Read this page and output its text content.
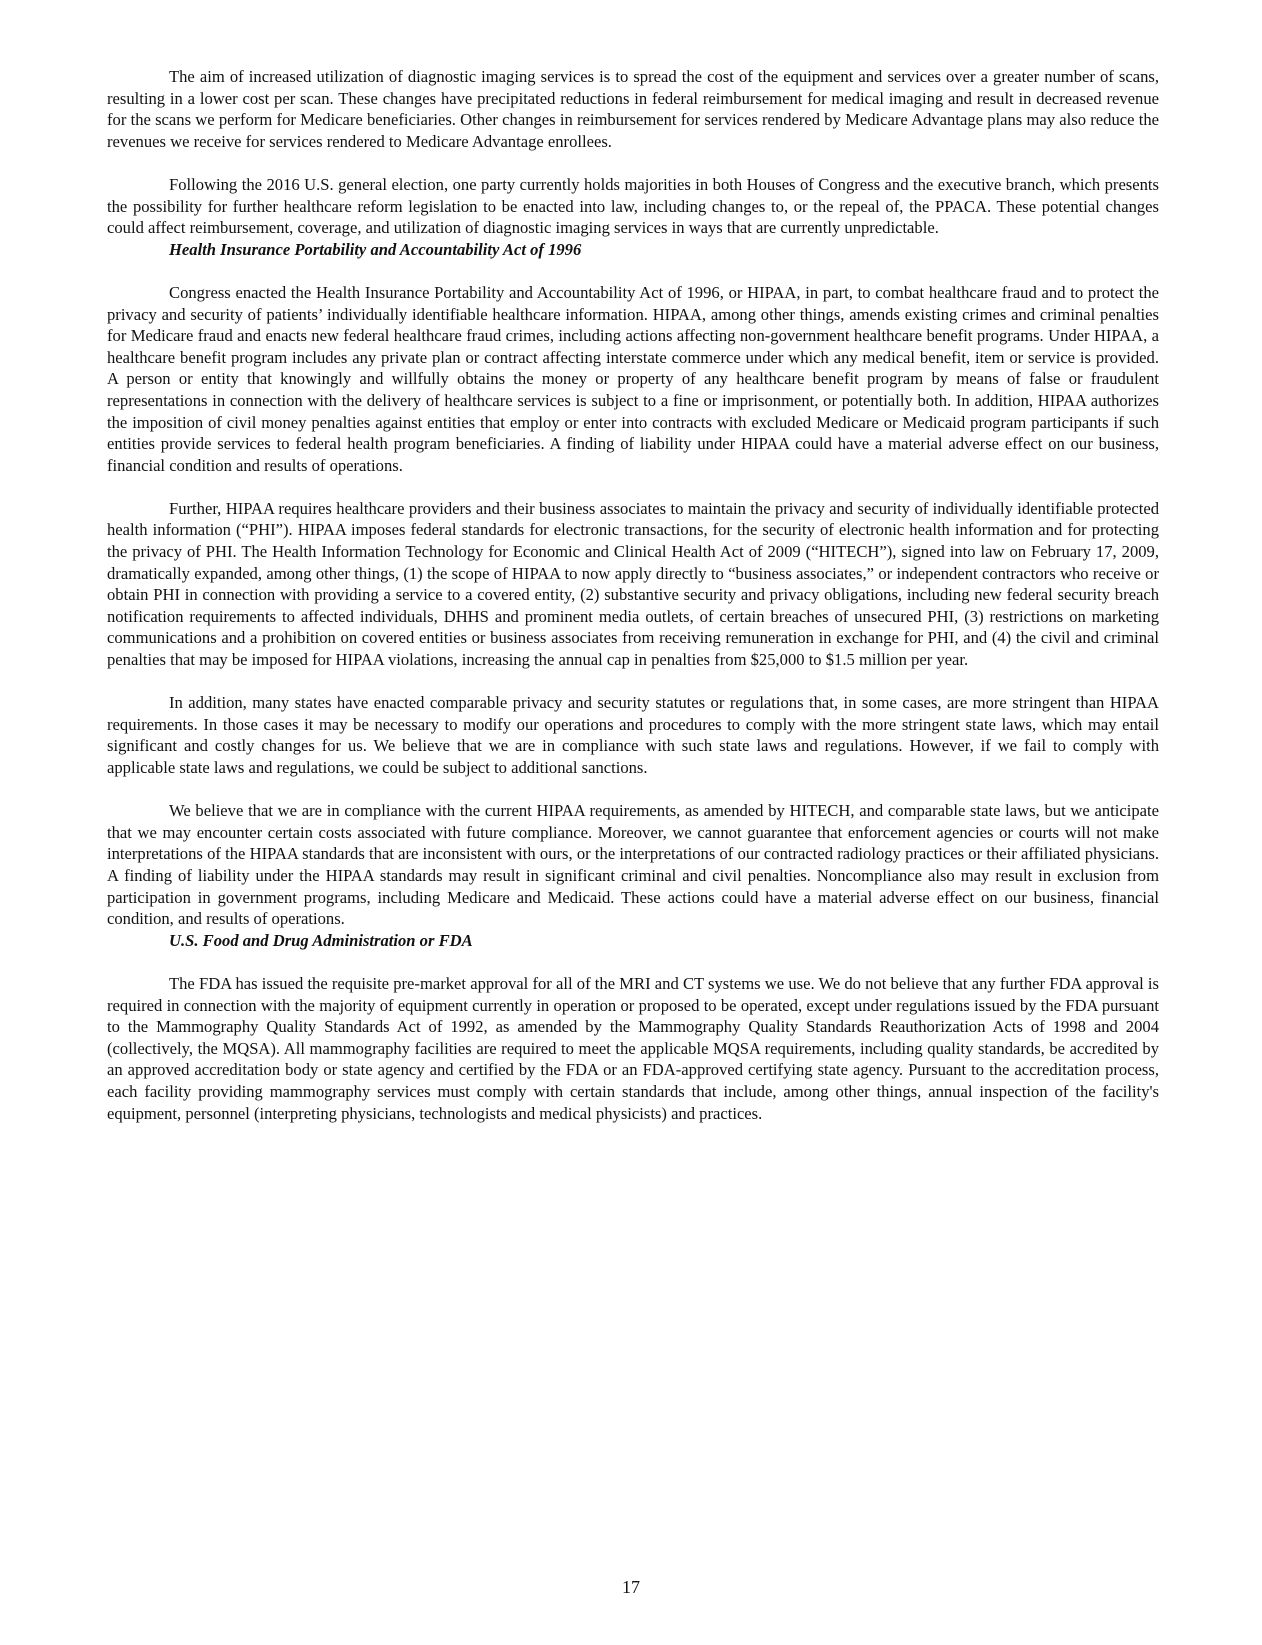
The aim of increased utilization of diagnostic imaging services is to spread the cost of the equipment and services over a greater number of scans, resulting in a lower cost per scan. These changes have precipitated reductions in federal reimbursement for medical imaging and result in decreased revenue for the scans we perform for Medicare beneficiaries. Other changes in reimbursement for services rendered by Medicare Advantage plans may also reduce the revenues we receive for services rendered to Medicare Advantage enrollees.

Following the 2016 U.S. general election, one party currently holds majorities in both Houses of Congress and the executive branch, which presents the possibility for further healthcare reform legislation to be enacted into law, including changes to, or the repeal of, the PPACA. These potential changes could affect reimbursement, coverage, and utilization of diagnostic imaging services in ways that are currently unpredictable.

Health Insurance Portability and Accountability Act of 1996

Congress enacted the Health Insurance Portability and Accountability Act of 1996, or HIPAA, in part, to combat healthcare fraud and to protect the privacy and security of patients’ individually identifiable healthcare information. HIPAA, among other things, amends existing crimes and criminal penalties for Medicare fraud and enacts new federal healthcare fraud crimes, including actions affecting non-government healthcare benefit programs. Under HIPAA, a healthcare benefit program includes any private plan or contract affecting interstate commerce under which any medical benefit, item or service is provided. A person or entity that knowingly and willfully obtains the money or property of any healthcare benefit program by means of false or fraudulent representations in connection with the delivery of healthcare services is subject to a fine or imprisonment, or potentially both. In addition, HIPAA authorizes the imposition of civil money penalties against entities that employ or enter into contracts with excluded Medicare or Medicaid program participants if such entities provide services to federal health program beneficiaries. A finding of liability under HIPAA could have a material adverse effect on our business, financial condition and results of operations.

Further, HIPAA requires healthcare providers and their business associates to maintain the privacy and security of individually identifiable protected health information (“PHI”). HIPAA imposes federal standards for electronic transactions, for the security of electronic health information and for protecting the privacy of PHI. The Health Information Technology for Economic and Clinical Health Act of 2009 (“HITECH”), signed into law on February 17, 2009, dramatically expanded, among other things, (1) the scope of HIPAA to now apply directly to “business associates,” or independent contractors who receive or obtain PHI in connection with providing a service to a covered entity, (2) substantive security and privacy obligations, including new federal security breach notification requirements to affected individuals, DHHS and prominent media outlets, of certain breaches of unsecured PHI, (3) restrictions on marketing communications and a prohibition on covered entities or business associates from receiving remuneration in exchange for PHI, and (4) the civil and criminal penalties that may be imposed for HIPAA violations, increasing the annual cap in penalties from $25,000 to $1.5 million per year.

In addition, many states have enacted comparable privacy and security statutes or regulations that, in some cases, are more stringent than HIPAA requirements. In those cases it may be necessary to modify our operations and procedures to comply with the more stringent state laws, which may entail significant and costly changes for us. We believe that we are in compliance with such state laws and regulations. However, if we fail to comply with applicable state laws and regulations, we could be subject to additional sanctions.

We believe that we are in compliance with the current HIPAA requirements, as amended by HITECH, and comparable state laws, but we anticipate that we may encounter certain costs associated with future compliance. Moreover, we cannot guarantee that enforcement agencies or courts will not make interpretations of the HIPAA standards that are inconsistent with ours, or the interpretations of our contracted radiology practices or their affiliated physicians. A finding of liability under the HIPAA standards may result in significant criminal and civil penalties. Noncompliance also may result in exclusion from participation in government programs, including Medicare and Medicaid. These actions could have a material adverse effect on our business, financial condition, and results of operations.

U.S. Food and Drug Administration or FDA

The FDA has issued the requisite pre-market approval for all of the MRI and CT systems we use. We do not believe that any further FDA approval is required in connection with the majority of equipment currently in operation or proposed to be operated, except under regulations issued by the FDA pursuant to the Mammography Quality Standards Act of 1992, as amended by the Mammography Quality Standards Reauthorization Acts of 1998 and 2004 (collectively, the MQSA). All mammography facilities are required to meet the applicable MQSA requirements, including quality standards, be accredited by an approved accreditation body or state agency and certified by the FDA or an FDA-approved certifying state agency. Pursuant to the accreditation process, each facility providing mammography services must comply with certain standards that include, among other things, annual inspection of the facility's equipment, personnel (interpreting physicians, technologists and medical physicists) and practices.

17
